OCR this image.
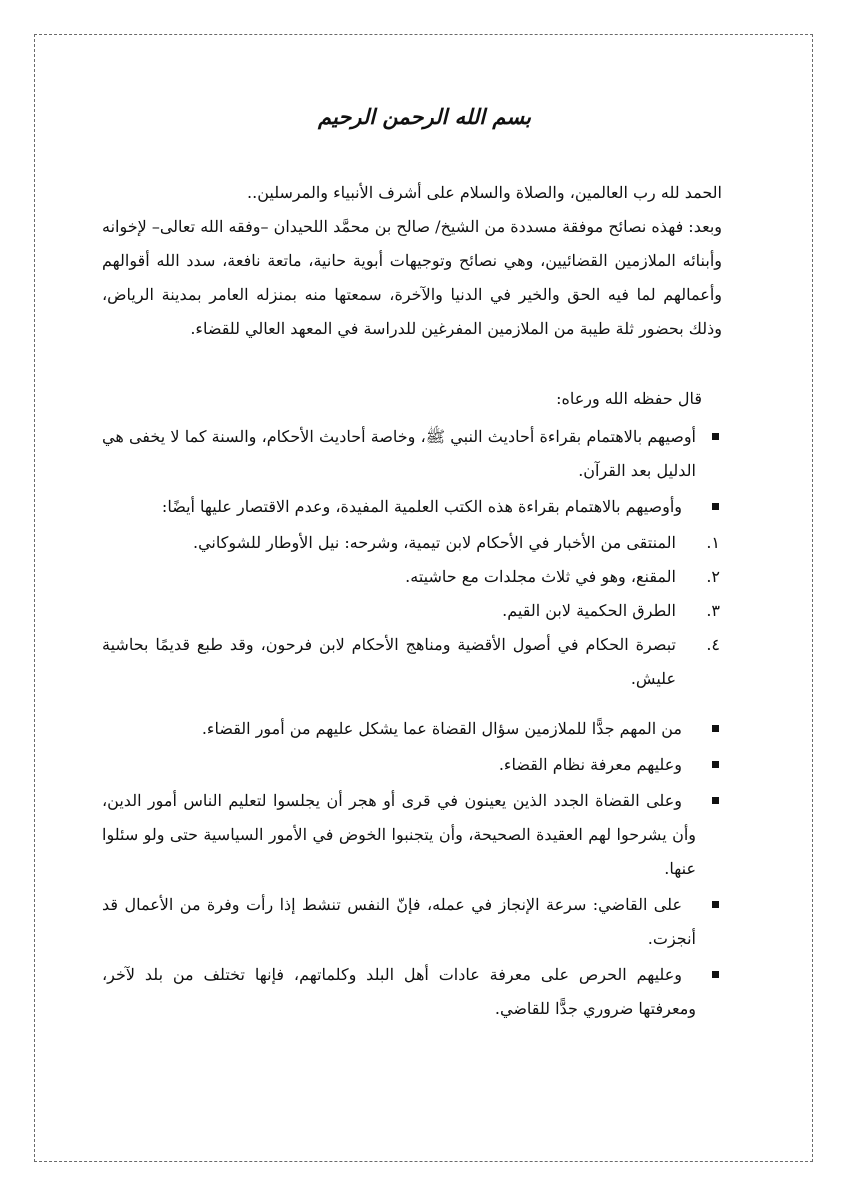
بسم الله الرحمن الرحيم

الحمد لله رب العالمين، والصلاة والسلام على أشرف الأنبياء والمرسلين..

وبعد: فهذه نصائح موفقة مسددة من الشيخ/ صالح بن محمَّد اللحيدان –وفقه الله تعالى– لإخوانه وأبنائه الملازمين القضائيين، وهي نصائح وتوجيهات أبوية حانية، ماتعة نافعة، سدد الله أقوالهم وأعمالهم لما فيه الحق والخير في الدنيا والآخرة، سمعتها منه بمنزله العامر بمدينة الرياض، وذلك بحضور ثلة طيبة من الملازمين المفرغين للدراسة في المعهد العالي للقضاء.

قال حفظه الله ورعاه:

أوصيهم بالاهتمام بقراءة أحاديث النبي ﷺ، وخاصة أحاديث الأحكام، والسنة كما لا يخفى هي الدليل بعد القرآن.
وأوصيهم بالاهتمام بقراءة هذه الكتب العلمية المفيدة، وعدم الاقتصار عليها أيضًا:
١.
المنتقى من الأخبار في الأحكام لابن تيمية، وشرحه: نيل الأوطار للشوكاني.
٢.
المقنع، وهو في ثلاث مجلدات مع حاشيته.
٣.
الطرق الحكمية لابن القيم.
٤.
تبصرة الحكام في أصول الأقضية ومناهج الأحكام لابن فرحون، وقد طبع قديمًا بحاشية عليش.
من المهم جدًّا للملازمين سؤال القضاة عما يشكل عليهم من أمور القضاء.
وعليهم معرفة نظام القضاء.
وعلى القضاة الجدد الذين يعينون في قرى أو هجر أن يجلسوا لتعليم الناس أمور الدين، وأن يشرحوا لهم العقيدة الصحيحة، وأن يتجنبوا الخوض في الأمور السياسية حتى ولو سئلوا عنها.
على القاضي: سرعة الإنجاز في عمله، فإنّ النفس تنشط إذا رأت وفرة من الأعمال قد أنجزت.
وعليهم الحرص على معرفة عادات أهل البلد وكلماتهم، فإنها تختلف من بلد لآخر، ومعرفتها ضروري جدًّا للقاضي.
